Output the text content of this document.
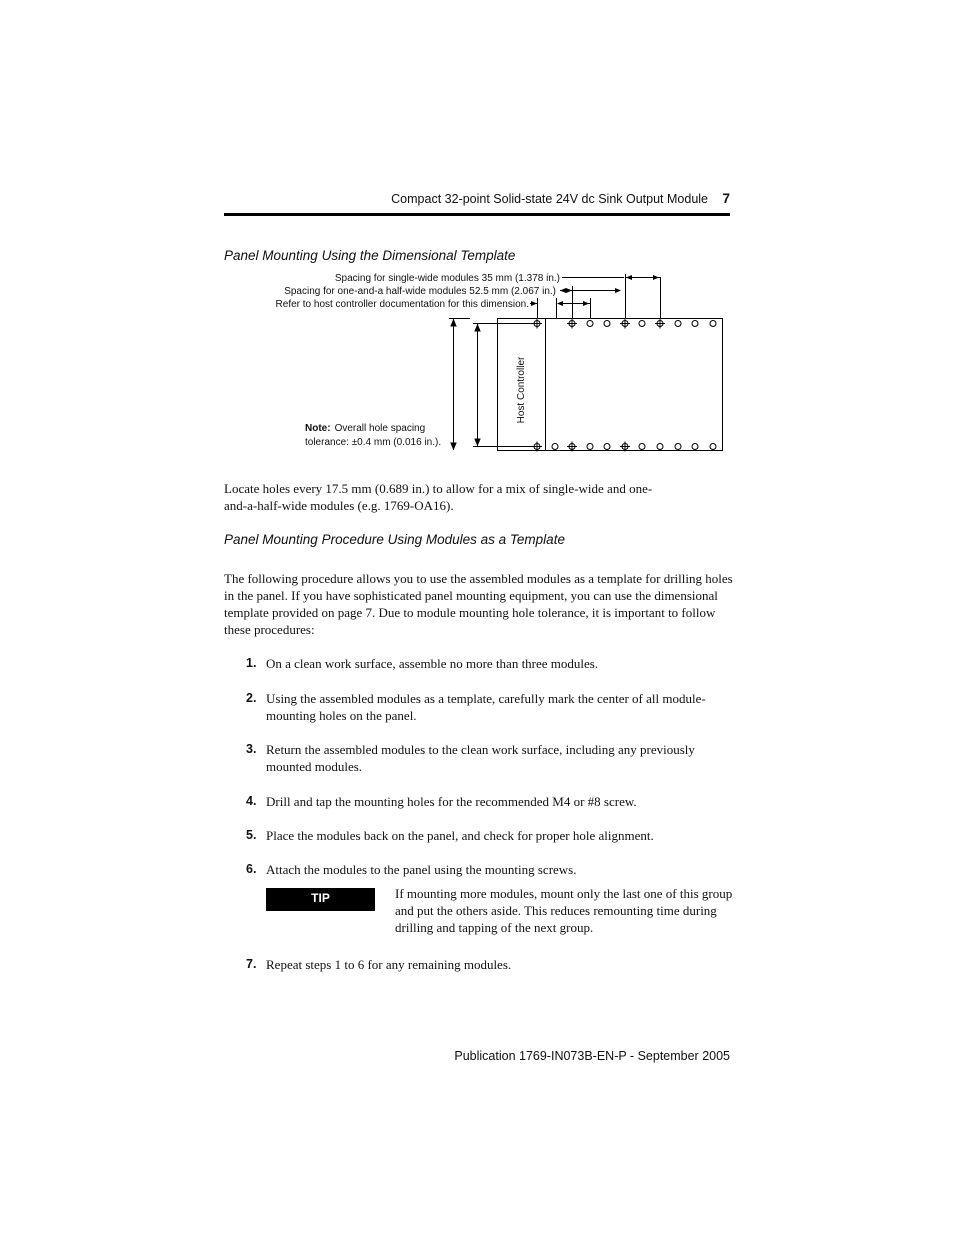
Compact 32-point Solid-state 24V dc Sink Output Module 7
Panel Mounting Using the Dimensional Template
Spacing for single-wide modules 35 mm (1.378 in.)
Spacing for one-and-a half-wide modules 52.5 mm (2.067 in.)
Refer to host controller documentation for this dimension.
Note: Overall hole spacing
tolerance: ±0.4 mm (0.016 in.).
Host Controller

Locate holes every 17.5 mm (0.689 in.) to allow for a mix of single-wide and one-and-a-half-wide modules (e.g. 1769-OA16).

Panel Mounting Procedure Using Modules as a Template

The following procedure allows you to use the assembled modules as a template for drilling holes in the panel. If you have sophisticated panel mounting equipment, you can use the dimensional template provided on page 7. Due to module mounting hole tolerance, it is important to follow these procedures:

1. On a clean work surface, assemble no more than three modules.
2. Using the assembled modules as a template, carefully mark the center of all module-mounting holes on the panel.
3. Return the assembled modules to the clean work surface, including any previously mounted modules.
4. Drill and tap the mounting holes for the recommended M4 or #8 screw.
5. Place the modules back on the panel, and check for proper hole alignment.
6. Attach the modules to the panel using the mounting screws.
TIP	If mounting more modules, mount only the last one of this group and put the others aside. This reduces remounting time during drilling and tapping of the next group.
7. Repeat steps 1 to 6 for any remaining modules.
Publication 1769-IN073B-EN-P - September 2005
